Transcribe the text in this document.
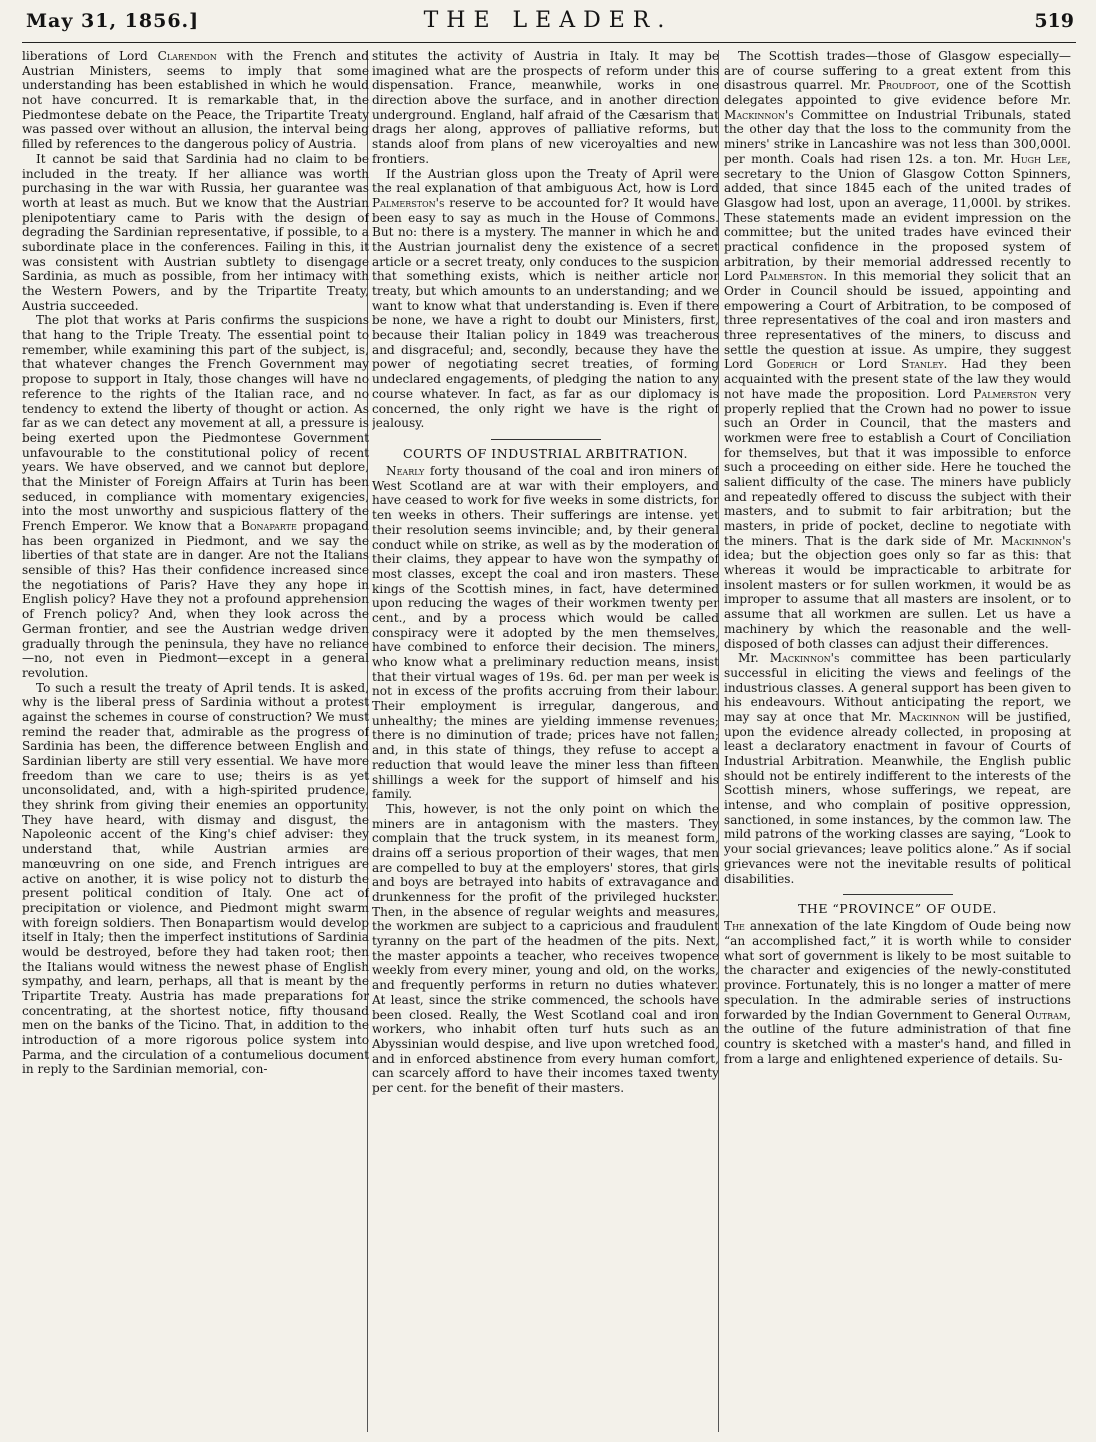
May 31, 1856.]	THE LEADER.	519

liberations of Lord Clarendon with the French and Austrian Ministers, seems to imply that some understanding has been established in which he would not have concurred. It is remarkable that, in the Piedmontese debate on the Peace, the Tripartite Treaty was passed over without an allusion, the interval being filled by references to the dangerous policy of Austria.

It cannot be said that Sardinia had no claim to be included in the treaty. If her alliance was worth purchasing in the war with Russia, her guarantee was worth at least as much. But we know that the Austrian plenipotentiary came to Paris with the design of degrading the Sardinian representative, if possible, to a subordinate place in the conferences. Failing in this, it was consistent with Austrian subtlety to disengage Sardinia, as much as possible, from her intimacy with the Western Powers, and by the Tripartite Treaty, Austria succeeded.

The plot that works at Paris confirms the suspicions that hang to the Triple Treaty. The essential point to remember, while examining this part of the subject, is, that whatever changes the French Government may propose to support in Italy, those changes will have no reference to the rights of the Italian race, and no tendency to extend the liberty of thought or action. As far as we can detect any movement at all, a pressure is being exerted upon the Piedmontese Government unfavourable to the constitutional policy of recent years. We have observed, and we cannot but deplore, that the Minister of Foreign Affairs at Turin has been seduced, in compliance with momentary exigencies, into the most unworthy and suspicious flattery of the French Emperor. We know that a Bonaparte propagand has been organized in Piedmont, and we say the liberties of that state are in danger. Are not the Italians sensible of this? Has their confidence increased since the negotiations of Paris? Have they any hope in English policy? Have they not a profound apprehension of French policy? And, when they look across the German frontier, and see the Austrian wedge driven gradually through the peninsula, they have no reliance—no, not even in Piedmont—except in a general revolution.

To such a result the treaty of April tends. It is asked, why is the liberal press of Sardinia without a protest against the schemes in course of construction? We must remind the reader that, admirable as the progress of Sardinia has been, the difference between English and Sardinian liberty are still very essential. We have more freedom than we care to use; theirs is as yet unconsolidated, and, with a high-spirited prudence, they shrink from giving their enemies an opportunity. They have heard, with dismay and disgust, the Napoleonic accent of the King's chief adviser: they understand that, while Austrian armies are manœuvring on one side, and French intrigues are active on another, it is wise policy not to disturb the present political condition of Italy. One act of precipitation or violence, and Piedmont might swarm with foreign soldiers. Then Bonapartism would develop itself in Italy; then the imperfect institutions of Sardinia would be destroyed, before they had taken root; then the Italians would witness the newest phase of English sympathy, and learn, perhaps, all that is meant by the Tripartite Treaty. Austria has made preparations for concentrating, at the shortest notice, fifty thousand men on the banks of the Ticino. That, in addition to the introduction of a more rigorous police system into Parma, and the circulation of a contumelious document in reply to the Sardinian memorial, con-

stitutes the activity of Austria in Italy. It may be imagined what are the prospects of reform under this dispensation. France, meanwhile, works in one direction above the surface, and in another direction underground. England, half afraid of the Cæsarism that drags her along, approves of palliative reforms, but stands aloof from plans of new viceroyalties and new frontiers.

If the Austrian gloss upon the Treaty of April were the real explanation of that ambiguous Act, how is Lord Palmerston's reserve to be accounted for? It would have been easy to say as much in the House of Commons. But no: there is a mystery. The manner in which he and the Austrian journalist deny the existence of a secret article or a secret treaty, only conduces to the suspicion that something exists, which is neither article nor treaty, but which amounts to an understanding; and we want to know what that understanding is. Even if there be none, we have a right to doubt our Ministers, first, because their Italian policy in 1849 was treacherous and disgraceful; and, secondly, because they have the power of negotiating secret treaties, of forming undeclared engagements, of pledging the nation to any course whatever. In fact, as far as our diplomacy is concerned, the only right we have is the right of jealousy.

COURTS OF INDUSTRIAL ARBITRATION.

Nearly forty thousand of the coal and iron miners of West Scotland are at war with their employers, and have ceased to work for five weeks in some districts, for ten weeks in others. Their sufferings are intense. yet their resolution seems invincible; and, by their general conduct while on strike, as well as by the moderation of their claims, they appear to have won the sympathy of most classes, except the coal and iron masters. These kings of the Scottish mines, in fact, have determined upon reducing the wages of their workmen twenty per cent., and by a process which would be called conspiracy were it adopted by the men themselves, have combined to enforce their decision. The miners, who know what a preliminary reduction means, insist that their virtual wages of 19s. 6d. per man per week is not in excess of the profits accruing from their labour. Their employment is irregular, dangerous, and unhealthy; the mines are yielding immense revenues; there is no diminution of trade; prices have not fallen; and, in this state of things, they refuse to accept a reduction that would leave the miner less than fifteen shillings a week for the support of himself and his family.

This, however, is not the only point on which the miners are in antagonism with the masters. They complain that the truck system, in its meanest form, drains off a serious proportion of their wages, that men are compelled to buy at the employers' stores, that girls and boys are betrayed into habits of extravagance and drunkenness for the profit of the privileged huckster. Then, in the absence of regular weights and measures, the workmen are subject to a capricious and fraudulent tyranny on the part of the headmen of the pits. Next, the master appoints a teacher, who receives twopence weekly from every miner, young and old, on the works, and frequently performs in return no duties whatever. At least, since the strike commenced, the schools have been closed. Really, the West Scotland coal and iron workers, who inhabit often turf huts such as an Abyssinian would despise, and live upon wretched food, and in enforced abstinence from every human comfort, can scarcely afford to have their incomes taxed twenty per cent. for the benefit of their masters.

The Scottish trades—those of Glasgow especially—are of course suffering to a great extent from this disastrous quarrel. Mr. Proudfoot, one of the Scottish delegates appointed to give evidence before Mr. Mackinnon's Committee on Industrial Tribunals, stated the other day that the loss to the community from the miners' strike in Lancashire was not less than 300,000l. per month. Coals had risen 12s. a ton. Mr. Hugh Lee, secretary to the Union of Glasgow Cotton Spinners, added, that since 1845 each of the united trades of Glasgow had lost, upon an average, 11,000l. by strikes. These statements made an evident impression on the committee; but the united trades have evinced their practical confidence in the proposed system of arbitration, by their memorial addressed recently to Lord Palmerston. In this memorial they solicit that an Order in Council should be issued, appointing and empowering a Court of Arbitration, to be composed of three representatives of the coal and iron masters and three representatives of the miners, to discuss and settle the question at issue. As umpire, they suggest Lord Goderich or Lord Stanley. Had they been acquainted with the present state of the law they would not have made the proposition. Lord Palmerston very properly replied that the Crown had no power to issue such an Order in Council, that the masters and workmen were free to establish a Court of Conciliation for themselves, but that it was impossible to enforce such a proceeding on either side. Here he touched the salient difficulty of the case. The miners have publicly and repeatedly offered to discuss the subject with their masters, and to submit to fair arbitration; but the masters, in pride of pocket, decline to negotiate with the miners. That is the dark side of Mr. Mackinnon's idea; but the objection goes only so far as this: that whereas it would be impracticable to arbitrate for insolent masters or for sullen workmen, it would be as improper to assume that all masters are insolent, or to assume that all workmen are sullen. Let us have a machinery by which the reasonable and the well-disposed of both classes can adjust their differences.

Mr. Mackinnon's committee has been particularly successful in eliciting the views and feelings of the industrious classes. A general support has been given to his endeavours. Without anticipating the report, we may say at once that Mr. Mackinnon will be justified, upon the evidence already collected, in proposing at least a declaratory enactment in favour of Courts of Industrial Arbitration. Meanwhile, the English public should not be entirely indifferent to the interests of the Scottish miners, whose sufferings, we repeat, are intense, and who complain of positive oppression, sanctioned, in some instances, by the common law. The mild patrons of the working classes are saying, “Look to your social grievances; leave politics alone.” As if social grievances were not the inevitable results of political disabilities.

THE “PROVINCE” OF OUDE.

The annexation of the late Kingdom of Oude being now “an accomplished fact,” it is worth while to consider what sort of government is likely to be most suitable to the character and exigencies of the newly-constituted province. Fortunately, this is no longer a matter of mere speculation. In the admirable series of instructions forwarded by the Indian Government to General Outram, the outline of the future administration of that fine country is sketched with a master's hand, and filled in from a large and enlightened experience of details. Su-
